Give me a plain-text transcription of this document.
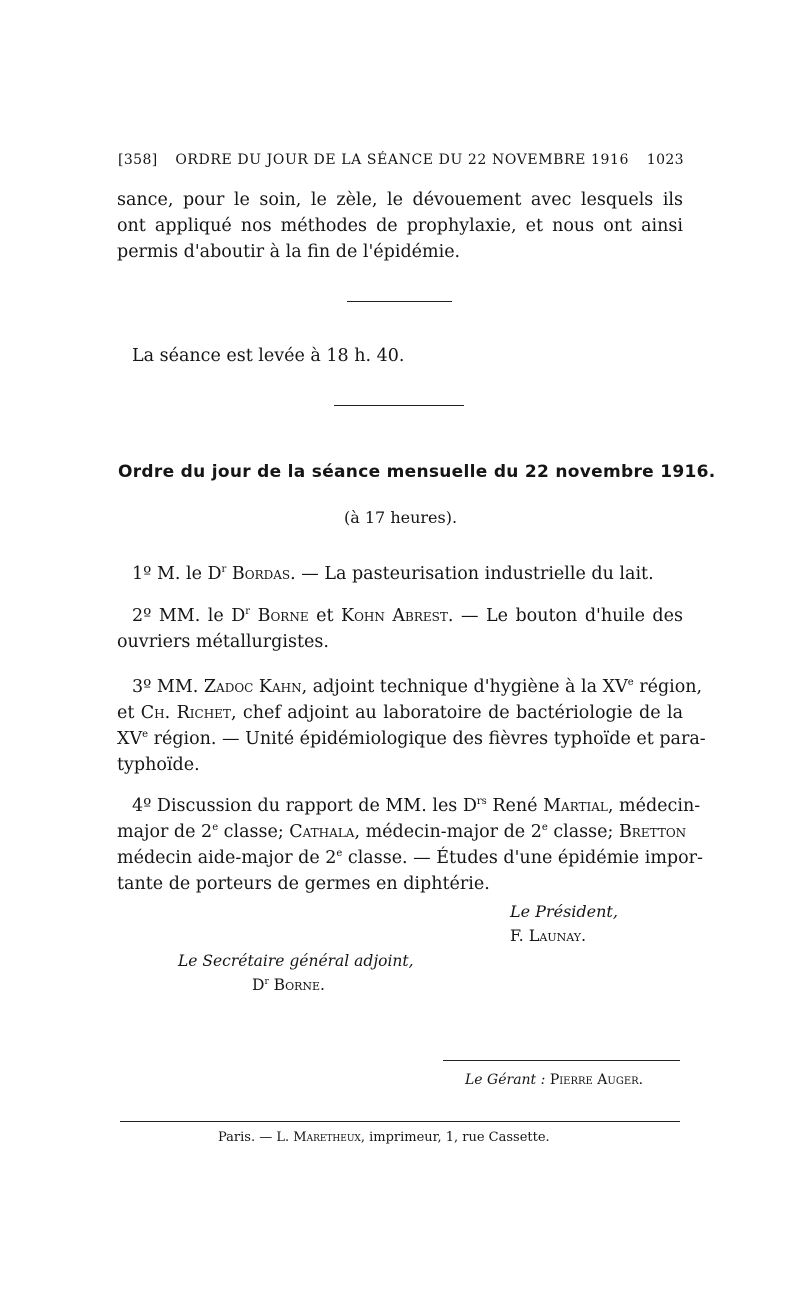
[358] ORDRE DU JOUR DE LA SÉANCE DU 22 NOVEMBRE 1916 1023
sance, pour le soin, le zèle, le dévouement avec lesquels ils
ont appliqué nos méthodes de prophylaxie, et nous ont ainsi
permis d'aboutir à la fin de l'épidémie.
La séance est levée à 18 h. 40.
Ordre du jour de la séance mensuelle du 22 novembre 1916.
(à 17 heures).
1º M. le $D^r$ Bordas. — La pasteurisation industrielle du lait.
2º MM. le $D^r$ Borne et Kohn Abrest. — Le bouton d'huile des
ouvriers métallurgistes.
3º MM. Zadoc Kahn, adjoint technique d'hygiène à la XVe région,
et Ch. Richet, chef adjoint au laboratoire de bactériologie de la
XVe région. — Unité épidémiologique des fièvres typhoïde et para-
typhoïde.
4º Discussion du rapport de MM. les $D^{rs}$ René Martial, médecin-
major de 2e classe; Cathala, médecin-major de 2e classe; Bretton
médecin aide-major de 2e classe. — Études d'une épidémie impor-
tante de porteurs de germes en diphtérie.
Le Président,
F. Launay.
Le Secrétaire général adjoint,
$D^r$ Borne.
Le Gérant : Pierre Auger.
Paris. — L. Maretheux, imprimeur, 1, rue Cassette.
